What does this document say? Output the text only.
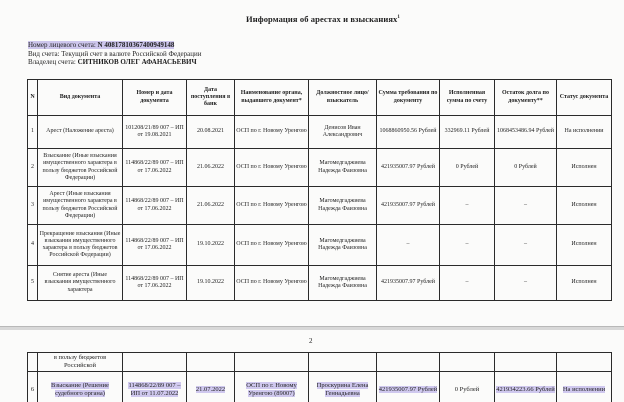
Информация об арестах и взысканиях$^1$
Номер лицевого счета: N 40817810367400949148
Вид счета: Текущий счет в валюте Российской Федерации
Владелец счета: СИТНИКОВ ОЛЕГ АФАНАСЬЕВИЧ
N	Вид документа	Номер и дата документа	Дата поступления в банк	Наименование органа, выдавшего документ*	Должностное лицо/взыскатель	Сумма требования по документу	Исполненная сумма по счету	Остаток долга по документу**	Статус документа
1	Арест (Наложение ареста)	101208/21/89 007 – ИП от 19.08.2021	20.08.2021	ОСП по г. Новому Уренгою	Денисов Иван Александрович	1068860950.56 Рублей	332969.11 Рублей	1068453486.94 Рублей	На исполнении
2	Взыскание (Иные взыскания имущественного характера в пользу бюджетов Российской Федерации)	114868/22/89 007 – ИП от 17.06.2022	21.06.2022	ОСП по г. Новому Уренгою	Магомедгаджиева Надежда Фаизовна	421935007.97 Рублей	0 Рублей	0 Рублей	Исполнен
3	Арест (Иные взыскания имущественного характера в пользу бюджетов Российской Федерации)	114868/22/89 007 – ИП от 17.06.2022	21.06.2022	ОСП по г. Новому Уренгою	Магомедгаджиева Надежда Фаизовна	421935007.97 Рублей	–	–	Исполнен
4	Прекращение взыскания (Иные взыскания имущественного характера в пользу бюджетов Российской Федерации)	114868/22/89 007 – ИП от 17.06.2022	19.10.2022	ОСП по г. Новому Уренгою	Магомедгаджиева Надежда Фаизовна	–	–	–	Исполнен
5	Снятие ареста (Иные взыскания имущественного характера	114868/22/89 007 – ИП от 17.06.2022	19.10.2022	ОСП по г. Новому Уренгою	Магомедгаджиева Надежда Фаизовна	421935007.97 Рублей	–	–	Исполнен
2
	в пользу бюджетов Российской								
6	Взыскание (Решение судебного органа)	114868/22/89 007 – ИП от 11.07.2022	21.07.2022	ОСП по г. Новому Уренгою (89007)	Проскурина Елена Геннадьевна	421935007.97 Рублей	0 Рублей	421934223.66 Рублей	На исполнении
